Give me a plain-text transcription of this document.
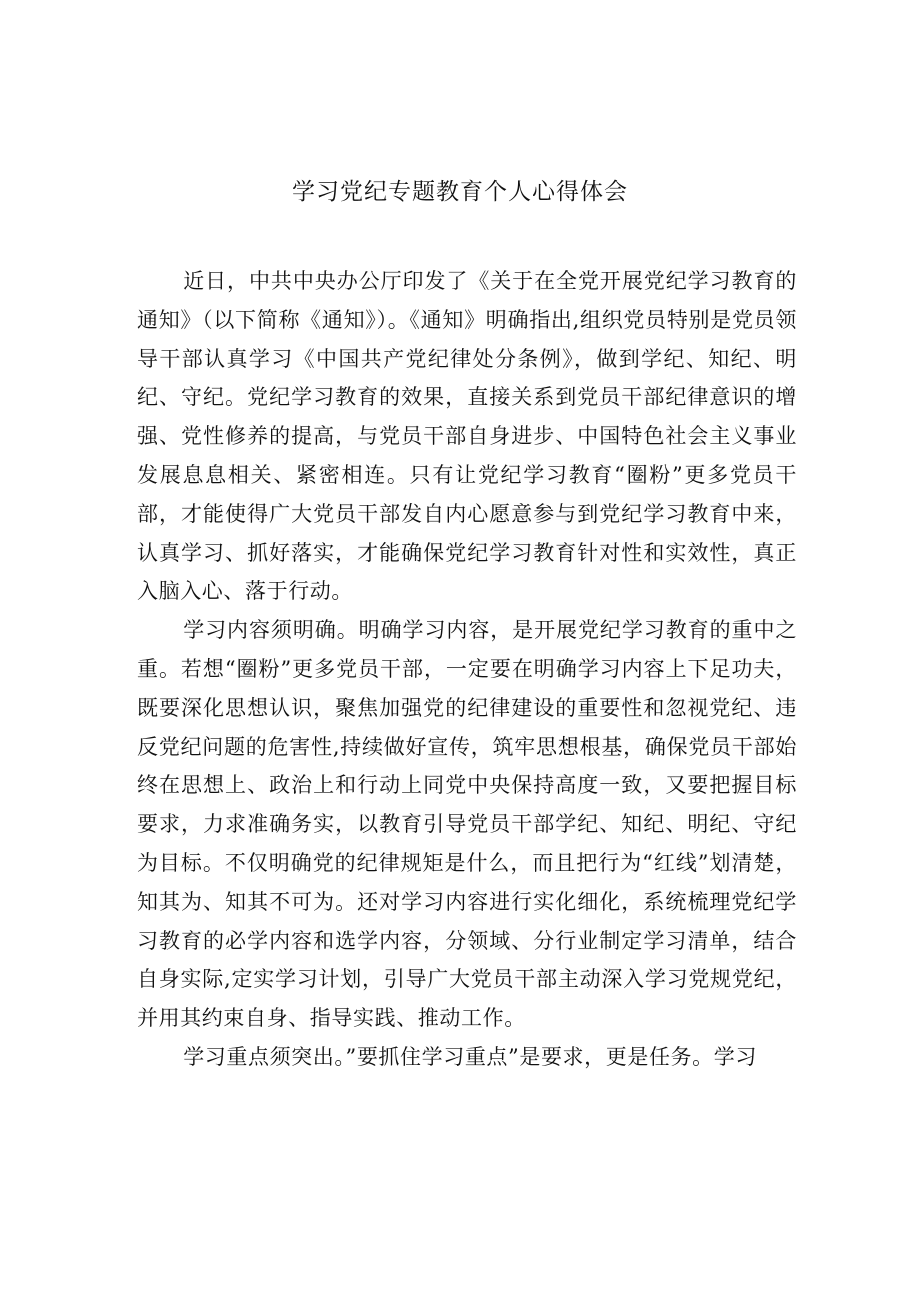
学习党纪专题教育个人心得体会

近日，中共中央办公厅印发了《关于在全党开展党纪学习教育的通知》（以下简称《通知》）。《通知》明确指出,组织党员特别是党员领导干部认真学习《中国共产党纪律处分条例》，做到学纪、知纪、明纪、守纪。党纪学习教育的效果，直接关系到党员干部纪律意识的增强、党性修养的提高，与党员干部自身进步、中国特色社会主义事业发展息息相关、紧密相连。只有让党纪学习教育“圈粉”更多党员干部，才能使得广大党员干部发自内心愿意参与到党纪学习教育中来，认真学习、抓好落实，才能确保党纪学习教育针对性和实效性，真正入脑入心、落于行动。

学习内容须明确。明确学习内容，是开展党纪学习教育的重中之重。若想“圈粉”更多党员干部，一定要在明确学习内容上下足功夫，既要深化思想认识，聚焦加强党的纪律建设的重要性和忽视党纪、违反党纪问题的危害性,持续做好宣传，筑牢思想根基，确保党员干部始终在思想上、政治上和行动上同党中央保持高度一致，又要把握目标要求，力求准确务实，以教育引导党员干部学纪、知纪、明纪、守纪为目标。不仅明确党的纪律规矩是什么，而且把行为“红线”划清楚，知其为、知其不可为。还对学习内容进行实化细化，系统梳理党纪学习教育的必学内容和选学内容，分领域、分行业制定学习清单，结合自身实际,定实学习计划，引导广大党员干部主动深入学习党规党纪，并用其约束自身、指导实践、推动工作。

学习重点须突出。”要抓住学习重点”是要求，更是任务。学习
